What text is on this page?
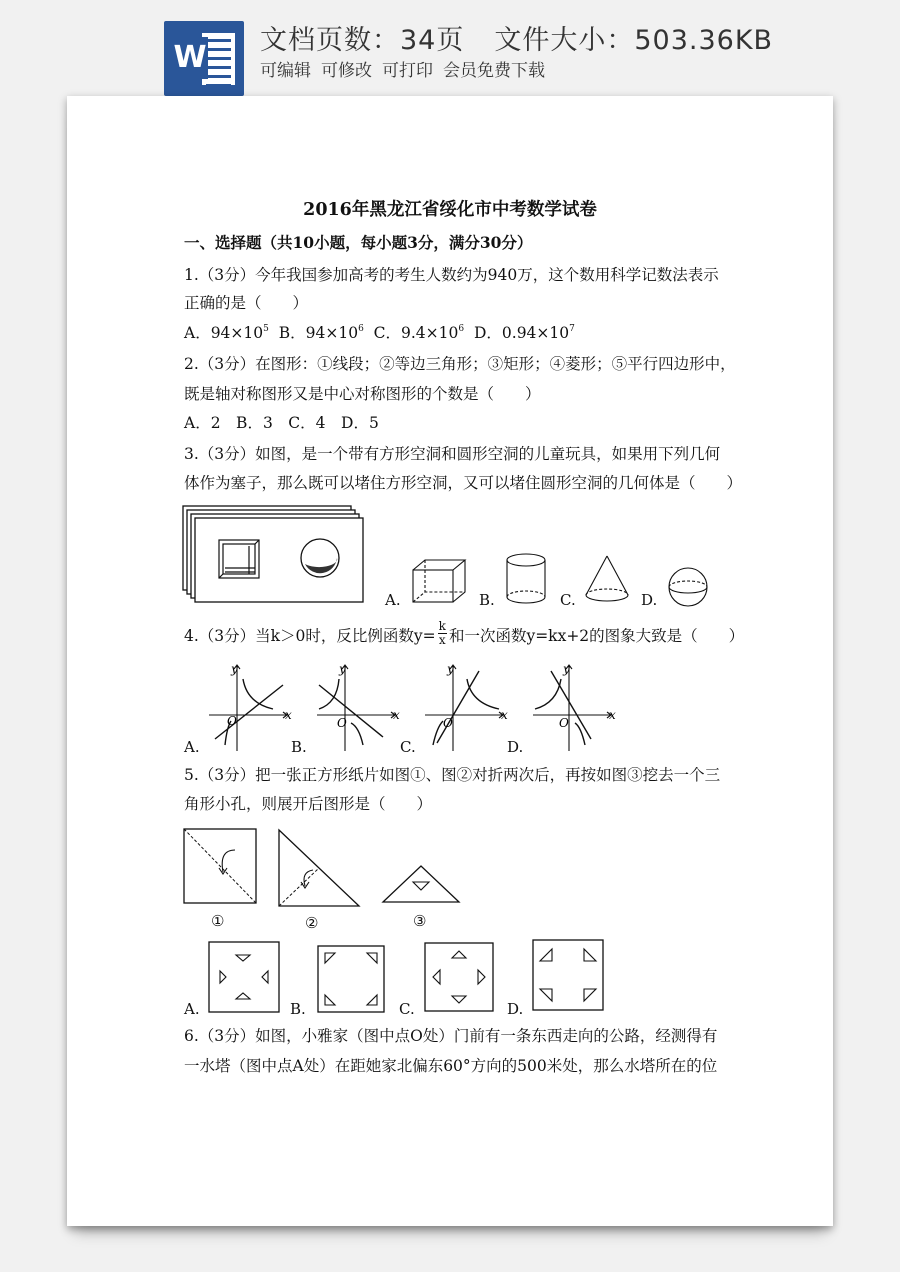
W 文档页数：34页 文件大小：503.36KB
可编辑 可修改 可打印 会员免费下载
2016年黑龙江省绥化市中考数学试卷
一、选择题（共10小题，每小题3分，满分30分）
1.（3分）今年我国参加高考的考生人数约为940万，这个数用科学记数法表示
正确的是（　　）
A．$94\times 10^5$ B．$94\times 10^6$ C．$9.4\times 10^6$ D．$0.94\times 10^7$
2.（3分）在图形：①线段；②等边三角形；③矩形；④菱形；⑤平行四边形中，
既是轴对称图形又是中心对称图形的个数是（　　）
A．2　B．3　C．4　D．5
3.（3分）如图，是一个带有方形空洞和圆形空洞的儿童玩具，如果用下列几何
体作为塞子，那么既可以堵住方形空洞，又可以堵住圆形空洞的几何体是（　　）
A.	B.	C.	D.
4.（3分）当k＞0时，反比例函数$y= \frac{k}{x}$ 和一次函数y=kx+2的图象大致是（　　）
A.
y
x
O
B.
y
x
O
C.
y
x
O
D.
y
x
O
5.（3分）把一张正方形纸片如图①、图②对折两次后，再按如图③挖去一个三
角形小孔，则展开后图形是（　　）
①	②	③
A.	B.	C.	D.
6.（3分）如图，小雅家（图中点O处）门前有一条东西走向的公路，经测得有
一水塔（图中点A处）在距她家北偏东60°方向的500米处，那么水塔所在的位
